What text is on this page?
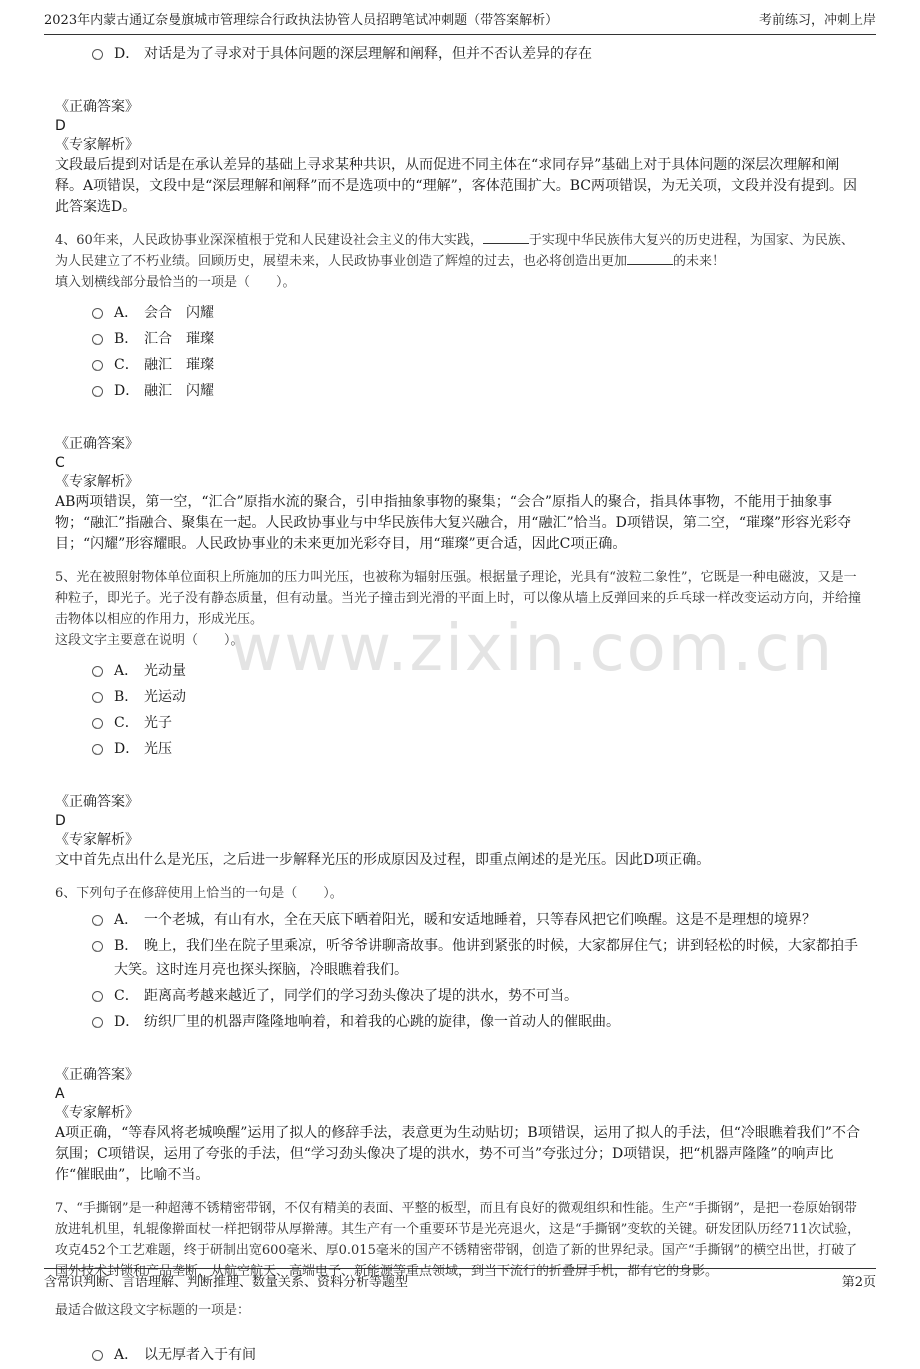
2023年内蒙古通辽奈曼旗城市管理综合行政执法协管人员招聘笔试冲刺题（带答案解析）	考前练习，冲刺上岸
www.zixin.com.cn
D． 对话是为了寻求对于具体问题的深层理解和阐释，但并不否认差异的存在

《正确答案》

D

《专家解析》

文段最后提到对话是在承认差异的基础上寻求某种共识，从而促进不同主体在“求同存异”基础上对于具体问题的深层次理解和阐释。A项错误，文段中是“深层理解和阐释”而不是选项中的“理解”，客体范围扩大。BC两项错误，为无关项，文段并没有提到。因此答案选D。

4、60年来，人民政协事业深深植根于党和人民建设社会主义的伟大实践，	于实现中华民族伟大复兴的历史进程，为国家、为民族、为人民建立了不朽业绩。回顾历史，展望未来，人民政协事业创造了辉煌的过去，也必将创造出更加	的未来！

填入划横线部分最恰当的一项是（　　）。

A． 会合　闪耀
B． 汇合　璀璨
C． 融汇　璀璨
D． 融汇　闪耀

《正确答案》

C

《专家解析》

AB两项错误，第一空，“汇合”原指水流的聚合，引申指抽象事物的聚集；“会合”原指人的聚合，指具体事物，不能用于抽象事物；“融汇”指融合、聚集在一起。人民政协事业与中华民族伟大复兴融合，用“融汇”恰当。D项错误，第二空，“璀璨”形容光彩夺目；“闪耀”形容耀眼。人民政协事业的未来更加光彩夺目，用“璀璨”更合适，因此C项正确。

5、光在被照射物体单位面积上所施加的压力叫光压，也被称为辐射压强。根据量子理论，光具有“波粒二象性”，它既是一种电磁波，又是一种粒子，即光子。光子没有静态质量，但有动量。当光子撞击到光滑的平面上时，可以像从墙上反弹回来的乒乓球一样改变运动方向，并给撞击物体以相应的作用力，形成光压。

这段文字主要意在说明（　　）。

A． 光动量
B． 光运动
C． 光子
D． 光压

《正确答案》

D

《专家解析》

文中首先点出什么是光压，之后进一步解释光压的形成原因及过程，即重点阐述的是光压。因此D项正确。

6、下列句子在修辞使用上恰当的一句是（　　）。

A． 一个老城，有山有水，全在天底下晒着阳光，暖和安适地睡着，只等春风把它们唤醒。这是不是理想的境界？
B． 晚上，我们坐在院子里乘凉，听爷爷讲聊斋故事。他讲到紧张的时候，大家都屏住气；讲到轻松的时候，大家都拍手大笑。这时连月亮也探头探脑，冷眼瞧着我们。
C． 距离高考越来越近了，同学们的学习劲头像决了堤的洪水，势不可当。
D． 纺织厂里的机器声隆隆地响着，和着我的心跳的旋律，像一首动人的催眠曲。

《正确答案》

A

《专家解析》

A项正确，“等春风将老城唤醒”运用了拟人的修辞手法，表意更为生动贴切；B项错误，运用了拟人的手法，但“冷眼瞧着我们”不合氛围；C项错误，运用了夸张的手法，但“学习劲头像决了堤的洪水，势不可当”夸张过分；D项错误，把“机器声隆隆”的响声比作“催眠曲”，比喻不当。

7、“手撕钢”是一种超薄不锈精密带钢，不仅有精美的表面、平整的板型，而且有良好的微观组织和性能。生产“手撕钢”，是把一卷原始钢带放进轧机里，轧辊像擀面杖一样把钢带从厚擀薄。其生产有一个重要环节是光亮退火，这是“手撕钢”变软的关键。研发团队历经711次试验，攻克452个工艺难题，终于研制出宽600毫米、厚0.015毫米的国产不锈精密带钢，创造了新的世界纪录。国产“手撕钢”的横空出世，打破了国外技术封锁和产品垄断，从航空航天、高端电子、新能源等重点领域，到当下流行的折叠屏手机，都有它的身影。

最适合做这段文字标题的一项是：

A． 以无厚者入于有间
含常识判断、言语理解、判断推理、数量关系、资料分析等题型	第2页
